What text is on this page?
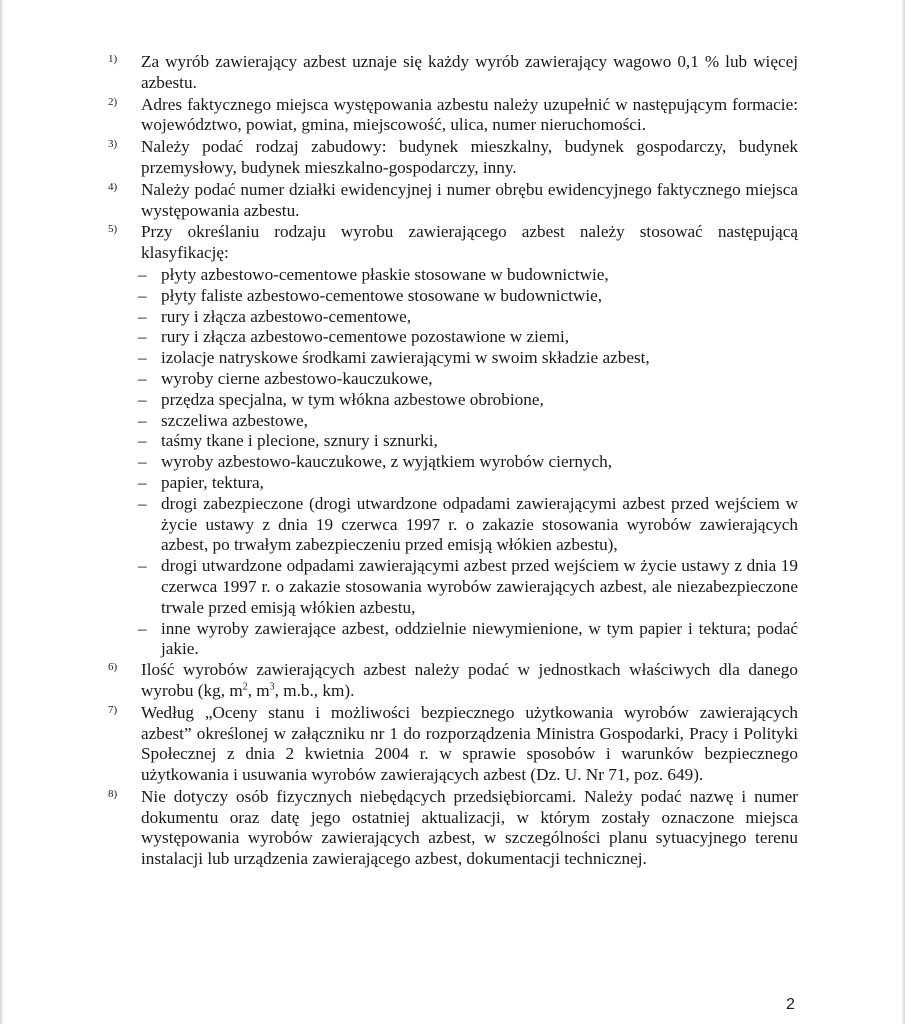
1) Za wyrób zawierający azbest uznaje się każdy wyrób zawierający wagowo 0,1 % lub więcej azbestu.
2) Adres faktycznego miejsca występowania azbestu należy uzupełnić w następującym formacie: województwo, powiat, gmina, miejscowość, ulica, numer nieruchomości.
3) Należy podać rodzaj zabudowy: budynek mieszkalny, budynek gospodarczy, budynek przemysłowy, budynek mieszkalno-gospodarczy, inny.
4) Należy podać numer działki ewidencyjnej i numer obrębu ewidencyjnego faktycznego miejsca występowania azbestu.
5) Przy określaniu rodzaju wyrobu zawierającego azbest należy stosować następującą klasyfikację:
– płyty azbestowo-cementowe płaskie stosowane w budownictwie,
– płyty faliste azbestowo-cementowe stosowane w budownictwie,
– rury i złącza azbestowo-cementowe,
– rury i złącza azbestowo-cementowe pozostawione w ziemi,
– izolacje natryskowe środkami zawierającymi w swoim składzie azbest,
– wyroby cierne azbestowo-kauczukowe,
– przędza specjalna, w tym włókna azbestowe obrobione,
– szczeliwa azbestowe,
– taśmy tkane i plecione, sznury i sznurki,
– wyroby azbestowo-kauczukowe, z wyjątkiem wyrobów ciernych,
– papier, tektura,
– drogi zabezpieczone (drogi utwardzone odpadami zawierającymi azbest przed wejściem w życie ustawy z dnia 19 czerwca 1997 r. o zakazie stosowania wyrobów zawierających azbest, po trwałym zabezpieczeniu przed emisją włókien azbestu),
– drogi utwardzone odpadami zawierającymi azbest przed wejściem w życie ustawy z dnia 19 czerwca 1997 r. o zakazie stosowania wyrobów zawierających azbest, ale niezabezpieczone trwale przed emisją włókien azbestu,
– inne wyroby zawierające azbest, oddzielnie niewymienione, w tym papier i tektura; podać jakie.
6) Ilość wyrobów zawierających azbest należy podać w jednostkach właściwych dla danego wyrobu (kg, $m^2$, $m^3$, m.b., km).
7) Według „Oceny stanu i możliwości bezpiecznego użytkowania wyrobów zawierających azbest” określonej w załączniku nr 1 do rozporządzenia Ministra Gospodarki, Pracy i Polityki Społecznej z dnia 2 kwietnia 2004 r. w sprawie sposobów i warunków bezpiecznego użytkowania i usuwania wyrobów zawierających azbest (Dz. U. Nr 71, poz. 649).
8) Nie dotyczy osób fizycznych niebędących przedsiębiorcami. Należy podać nazwę i numer dokumentu oraz datę jego ostatniej aktualizacji, w którym zostały oznaczone miejsca występowania wyrobów zawierających azbest, w szczególności planu sytuacyjnego terenu instalacji lub urządzenia zawierającego azbest, dokumentacji technicznej.
2
